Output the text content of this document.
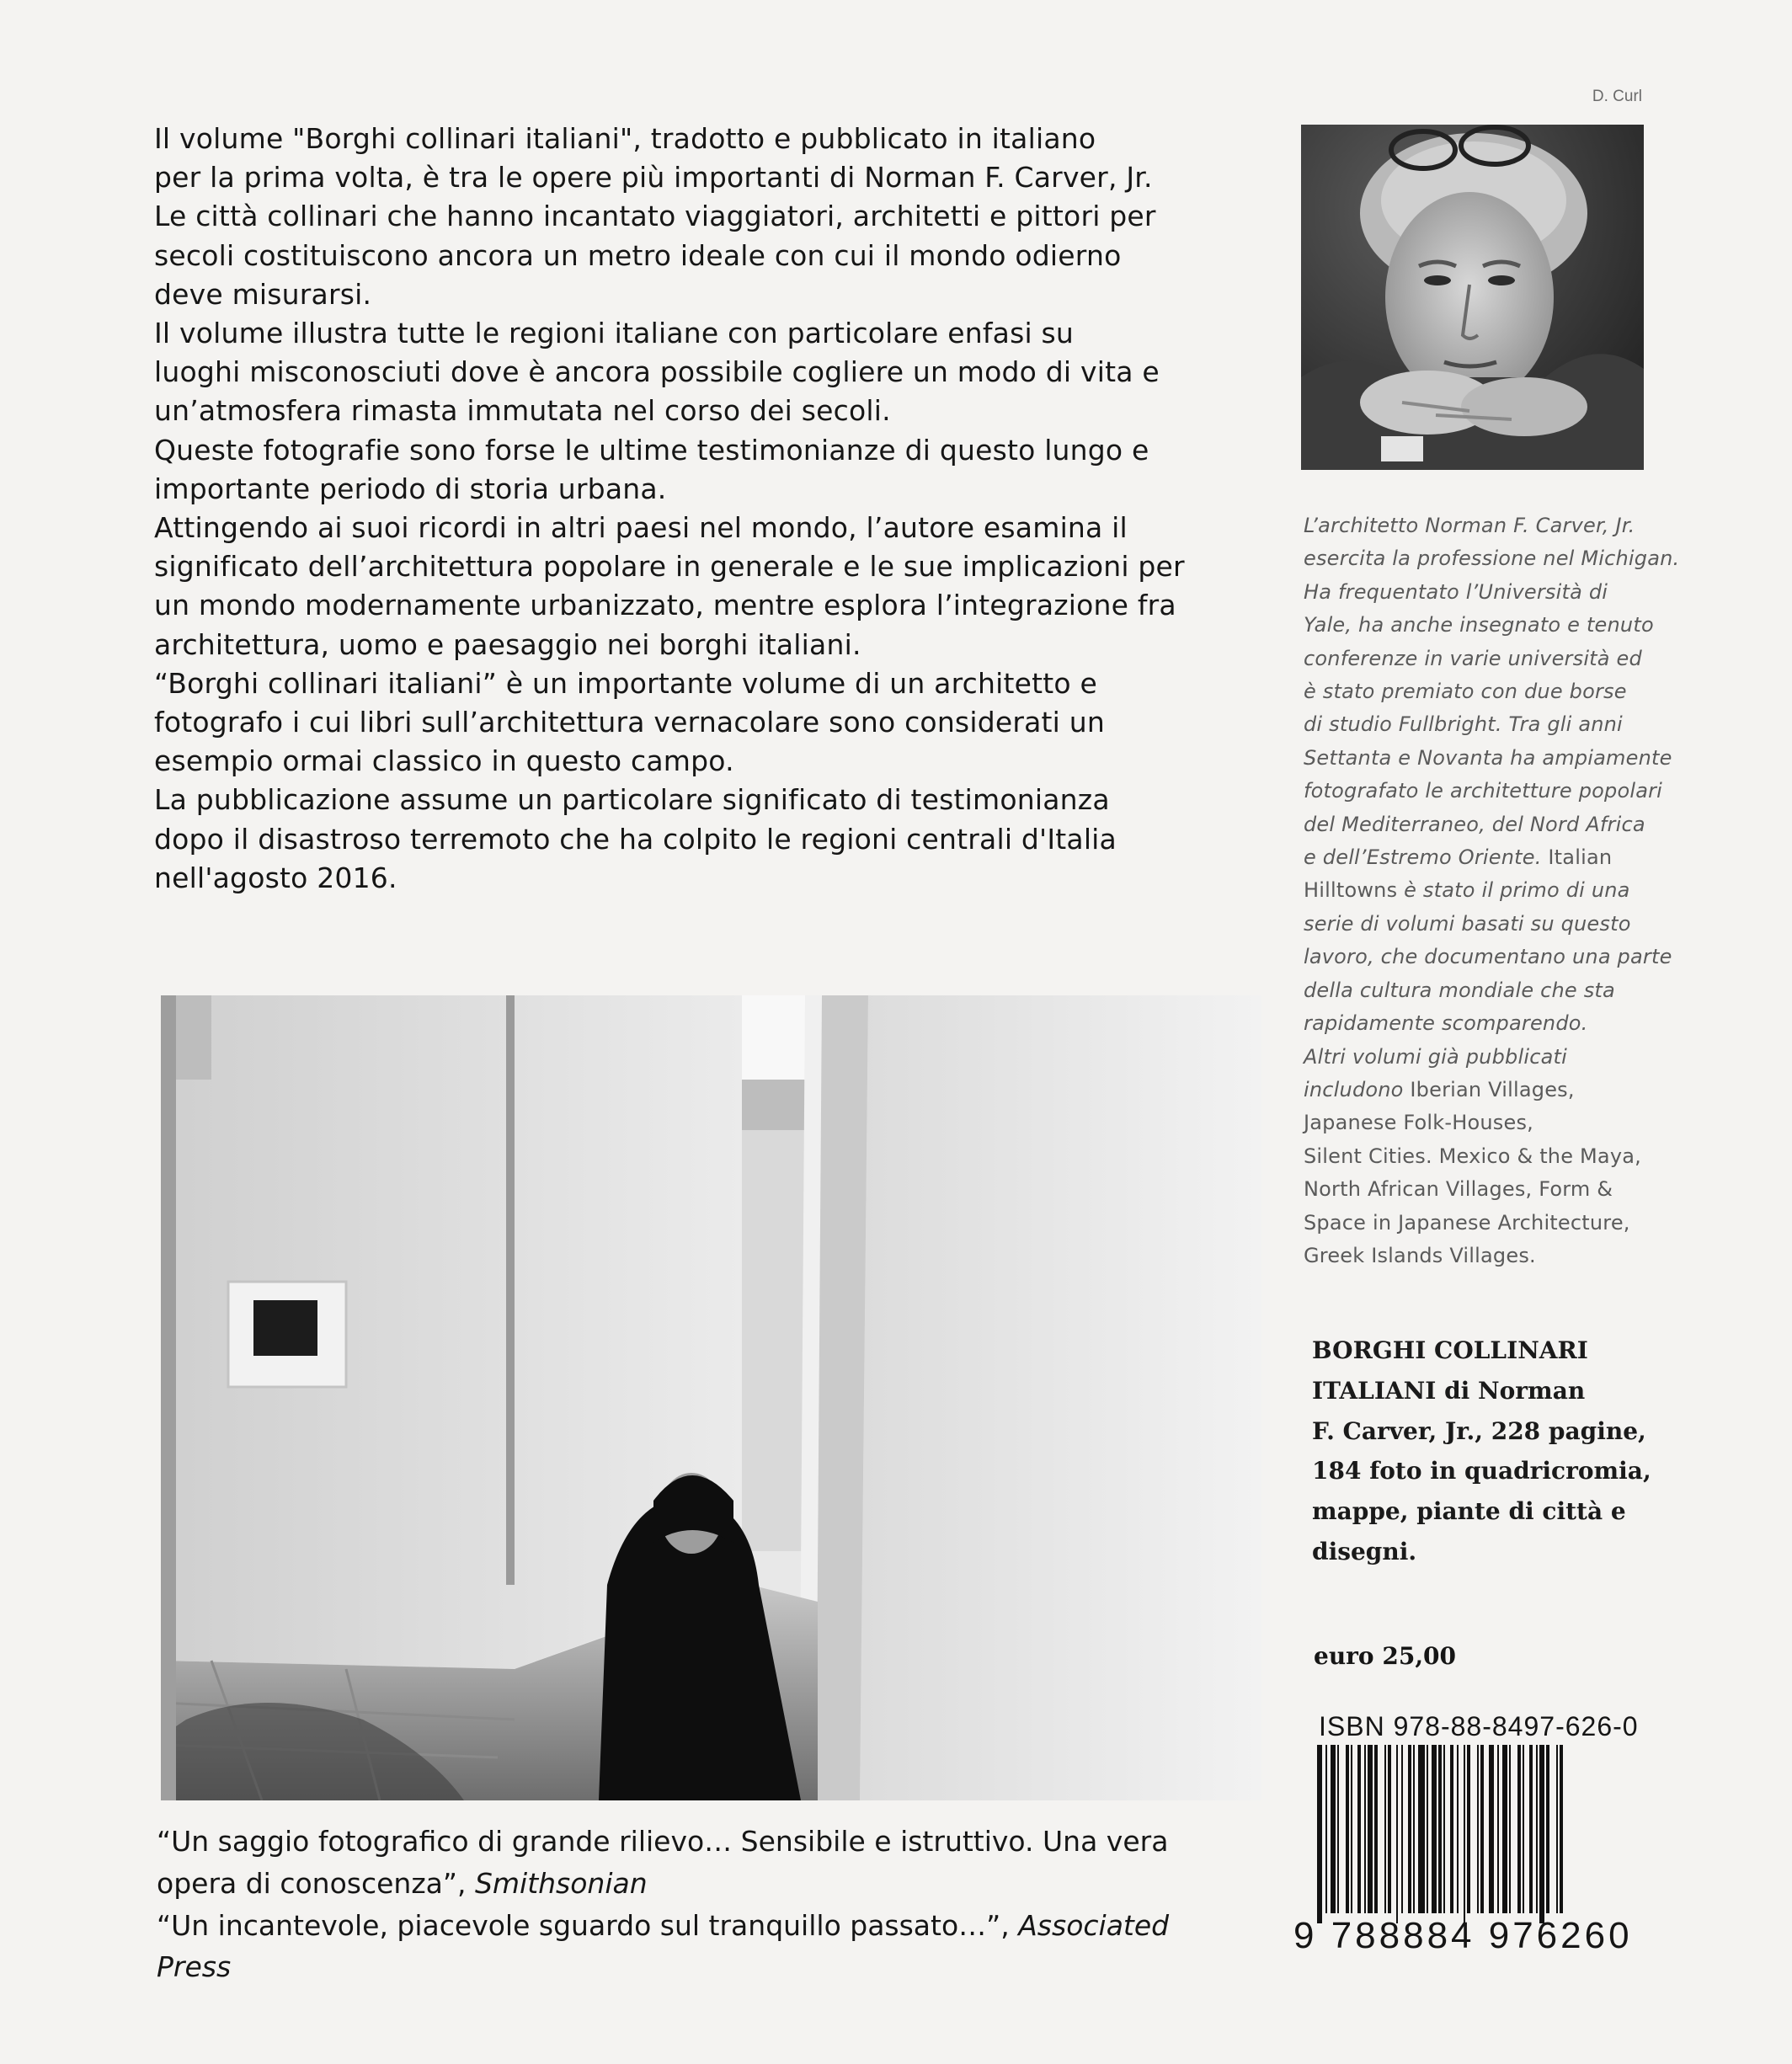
D. Curl

Il volume "Borghi collinari italiani", tradotto e pubblicato in italiano

per la prima volta, è tra le opere più importanti di Norman F. Carver, Jr.

Le città collinari che hanno incantato viaggiatori, architetti e pittori per

secoli costituiscono ancora un metro ideale con cui il mondo odierno

deve misurarsi.

Il volume illustra tutte le regioni italiane con particolare enfasi su

luoghi misconosciuti dove è ancora possibile cogliere un modo di vita e

un’atmosfera rimasta immutata nel corso dei secoli.

Queste fotografie sono forse le ultime testimonianze di questo lungo e

importante periodo di storia urbana.

Attingendo ai suoi ricordi in altri paesi nel mondo, l’autore esamina il

significato dell’architettura popolare in generale e le sue implicazioni per

un mondo modernamente urbanizzato, mentre esplora l’integrazione fra

architettura, uomo e paesaggio nei borghi italiani.

“Borghi collinari italiani” è un importante volume di un architetto e

fotografo i cui libri sull’architettura vernacolare sono considerati un

esempio ormai classico in questo campo.

La pubblicazione assume un particolare significato di testimonianza

dopo il disastroso terremoto che ha colpito le regioni centrali d'Italia

nell'agosto 2016.

L’architetto Norman F. Carver, Jr.
esercita la professione nel Michigan.
Ha frequentato l’Università di
Yale, ha anche insegnato e tenuto
conferenze in varie università ed
è stato premiato con due borse
di studio Fullbright. Tra gli anni
Settanta e Novanta ha ampiamente
fotografato le architetture popolari
del Mediterraneo, del Nord Africa
e dell’Estremo Oriente. Italian
Hilltowns è stato il primo di una
serie di volumi basati su questo
lavoro, che documentano una parte
della cultura mondiale che sta
rapidamente scomparendo.
Altri volumi già pubblicati
includono Iberian Villages,
Japanese Folk-Houses,
Silent Cities. Mexico & the Maya,
North African Villages, Form &
Space in Japanese Architecture,
Greek Islands Villages.
BORGHI COLLINARI
ITALIANI di Norman
F. Carver, Jr., 228 pagine,
184 foto in quadricromia,
mappe, piante di città e
disegni.
euro 25,00
ISBN 978-88-8497-626-0
9 788884 976260
“Un saggio fotografico di grande rilievo… Sensibile e istruttivo. Una vera
opera di conoscenza”, Smithsonian
“Un incantevole, piacevole sguardo sul tranquillo passato…”, Associated
Press
